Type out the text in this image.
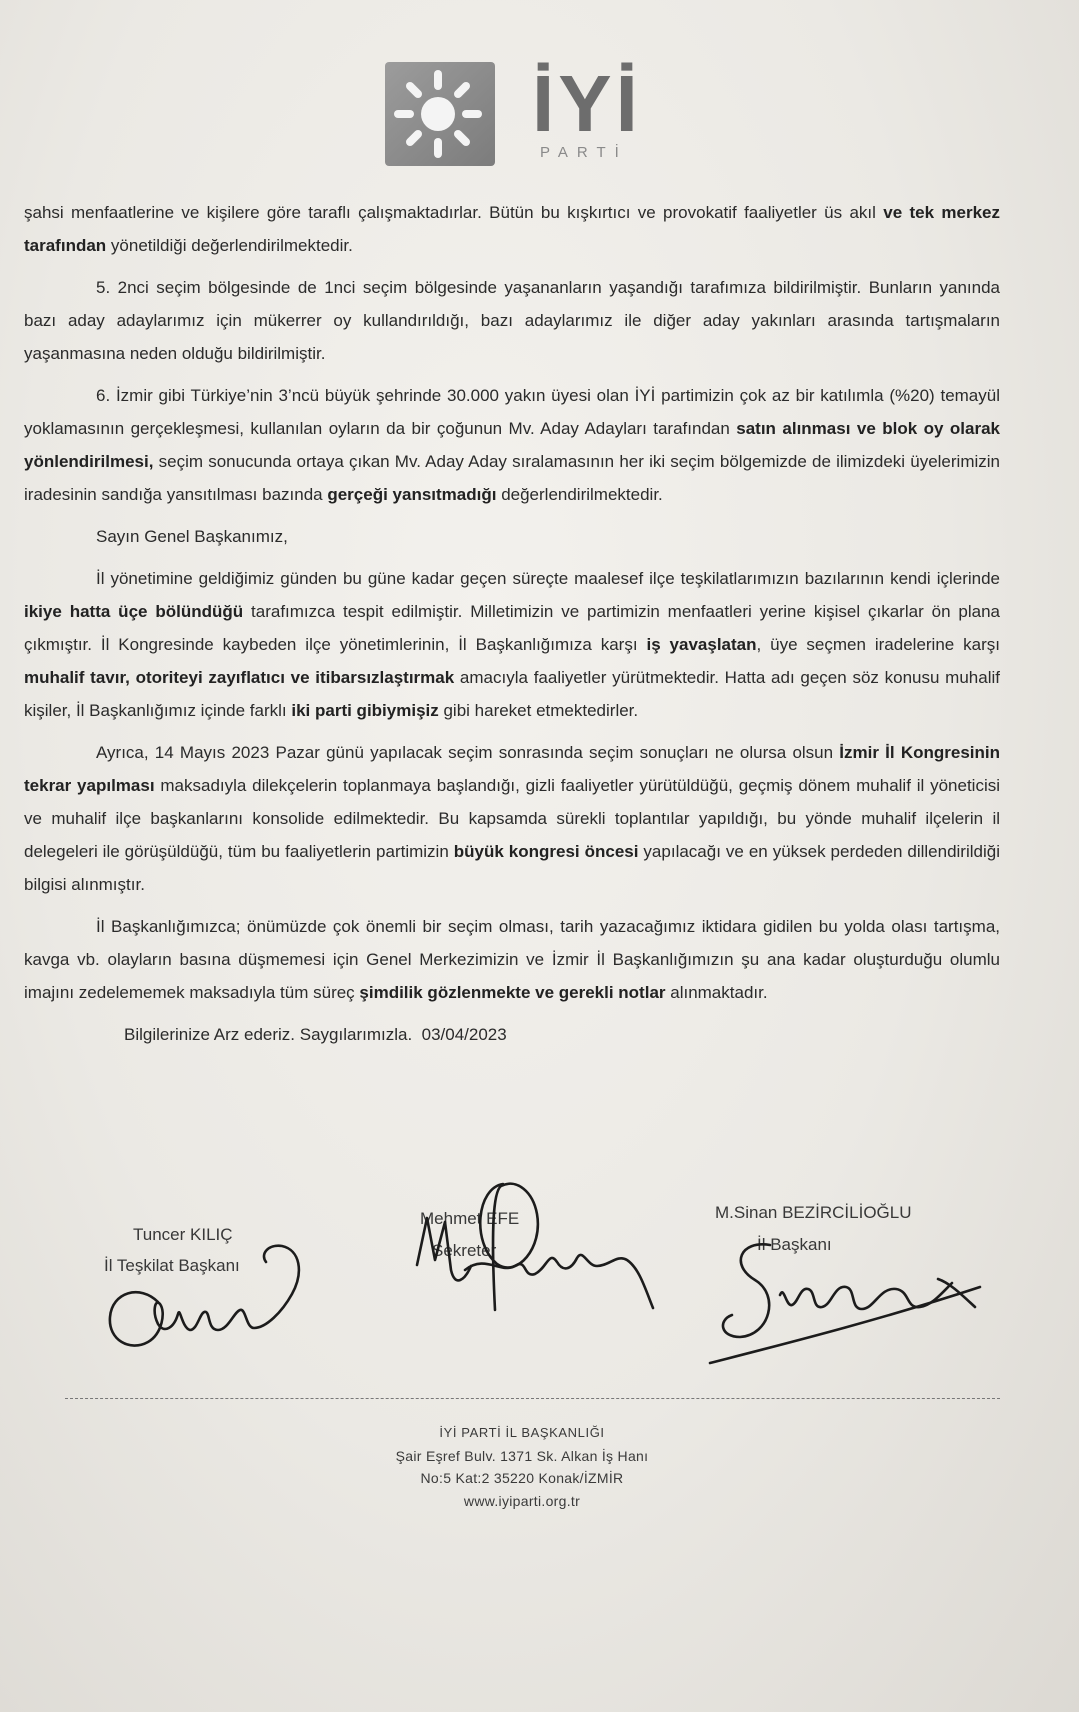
İYİ
PARTİ

şahsi menfaatlerine ve kişilere göre taraflı çalışmaktadırlar. Bütün bu kışkırtıcı ve provokatif faaliyetler üs akıl ve tek merkez tarafından yönetildiği değerlendirilmektedir.

5. 2nci seçim bölgesinde de 1nci seçim bölgesinde yaşananların yaşandığı tarafımıza bildirilmiştir. Bunların yanında bazı aday adaylarımız için mükerrer oy kullandırıldığı, bazı adaylarımız ile diğer aday yakınları arasında tartışmaların yaşanmasına neden olduğu bildirilmiştir.

6. İzmir gibi Türkiye’nin 3’ncü büyük şehrinde 30.000 yakın üyesi olan İYİ partimizin çok az bir katılımla (%20) temayül yoklamasının gerçekleşmesi, kullanılan oyların da bir çoğunun Mv. Aday Adayları tarafından satın alınması ve blok oy olarak yönlendirilmesi, seçim sonucunda ortaya çıkan Mv. Aday Aday sıralamasının her iki seçim bölgemizde de ilimizdeki üyelerimizin iradesinin sandığa yansıtılması bazında gerçeği yansıtmadığı değerlendirilmektedir.

Sayın Genel Başkanımız,

İl yönetimine geldiğimiz günden bu güne kadar geçen süreçte maalesef ilçe teşkilatlarımızın bazılarının kendi içlerinde ikiye hatta üçe bölündüğü tarafımızca tespit edilmiştir. Milletimizin ve partimizin menfaatleri yerine kişisel çıkarlar ön plana çıkmıştır. İl Kongresinde kaybeden ilçe yönetimlerinin, İl Başkanlığımıza karşı iş yavaşlatan, üye seçmen iradelerine karşı muhalif tavır, otoriteyi zayıflatıcı ve itibarsızlaştırmak amacıyla faaliyetler yürütmektedir. Hatta adı geçen söz konusu muhalif kişiler, İl Başkanlığımız içinde farklı iki parti gibiymişiz gibi hareket etmektedirler.

Ayrıca, 14 Mayıs 2023 Pazar günü yapılacak seçim sonrasında seçim sonuçları ne olursa olsun İzmir İl Kongresinin tekrar yapılması maksadıyla dilekçelerin toplanmaya başlandığı, gizli faaliyetler yürütüldüğü, geçmiş dönem muhalif il yöneticisi ve muhalif ilçe başkanlarını konsolide edilmektedir. Bu kapsamda sürekli toplantılar yapıldığı, bu yönde muhalif ilçelerin il delegeleri ile görüşüldüğü, tüm bu faaliyetlerin partimizin büyük kongresi öncesi yapılacağı ve en yüksek perdeden dillendirildiği bilgisi alınmıştır.

İl Başkanlığımızca; önümüzde çok önemli bir seçim olması, tarih yazacağımız iktidara gidilen bu yolda olası tartışma, kavga vb. olayların basına düşmemesi için Genel Merkezimizin ve İzmir İl Başkanlığımızın şu ana kadar oluşturduğu olumlu imajını zedelememek maksadıyla tüm süreç şimdilik gözlenmekte ve gerekli notlar alınmaktadır.

Bilgilerinize Arz ederiz. Saygılarımızla. 03/04/2023

Tuncer KILIÇ
İl Teşkilat Başkanı
Mehmet EFE
Sekreter
M.Sinan BEZİRCİLİOĞLU
İl Başkanı
İYİ PARTİ İL BAŞKANLIĞI
Şair Eşref Bulv. 1371 Sk. Alkan İş Hanı
No:5 Kat:2 35220 Konak/İZMİR
www.iyiparti.org.tr
